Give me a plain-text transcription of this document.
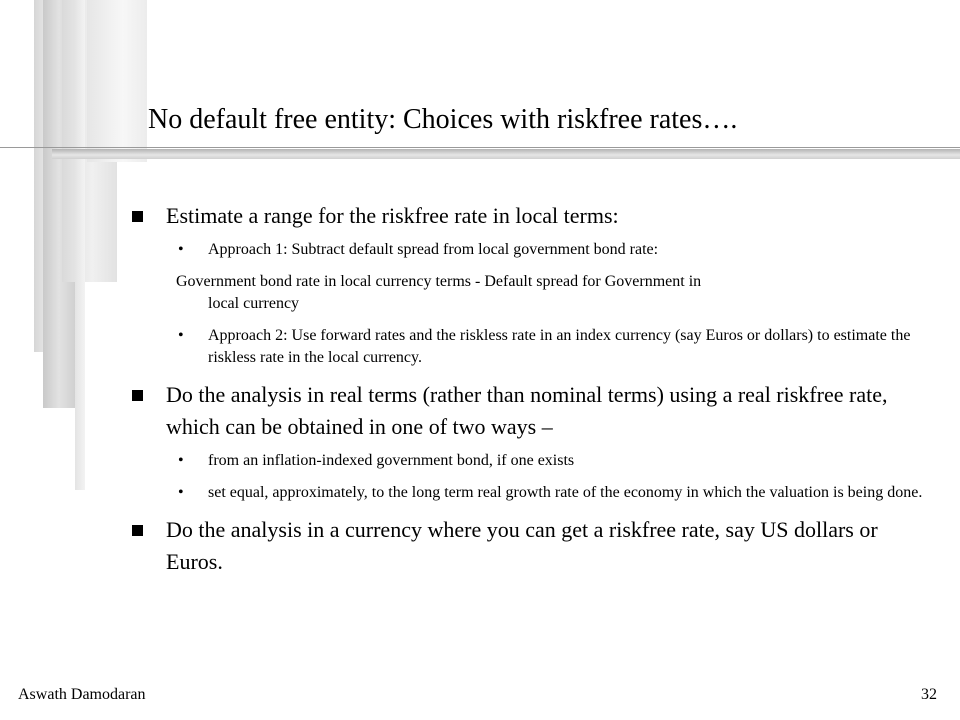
No default free entity: Choices with riskfree rates….
Estimate a range for the riskfree rate in local terms:
• Approach 1: Subtract default spread from local government bond rate:
Government bond rate in local currency terms - Default spread for Government in
local currency
• Approach 2: Use forward rates and the riskless rate in an index currency (say Euros or dollars) to estimate the riskless rate in the local currency.
Do the analysis in real terms (rather than nominal terms) using a real riskfree rate, which can be obtained in one of two ways –
• from an inflation-indexed government bond, if one exists
• set equal, approximately, to the long term real growth rate of the economy in which the valuation is being done.
Do the analysis in a currency where you can get a riskfree rate, say US dollars or Euros.
Aswath Damodaran	32
